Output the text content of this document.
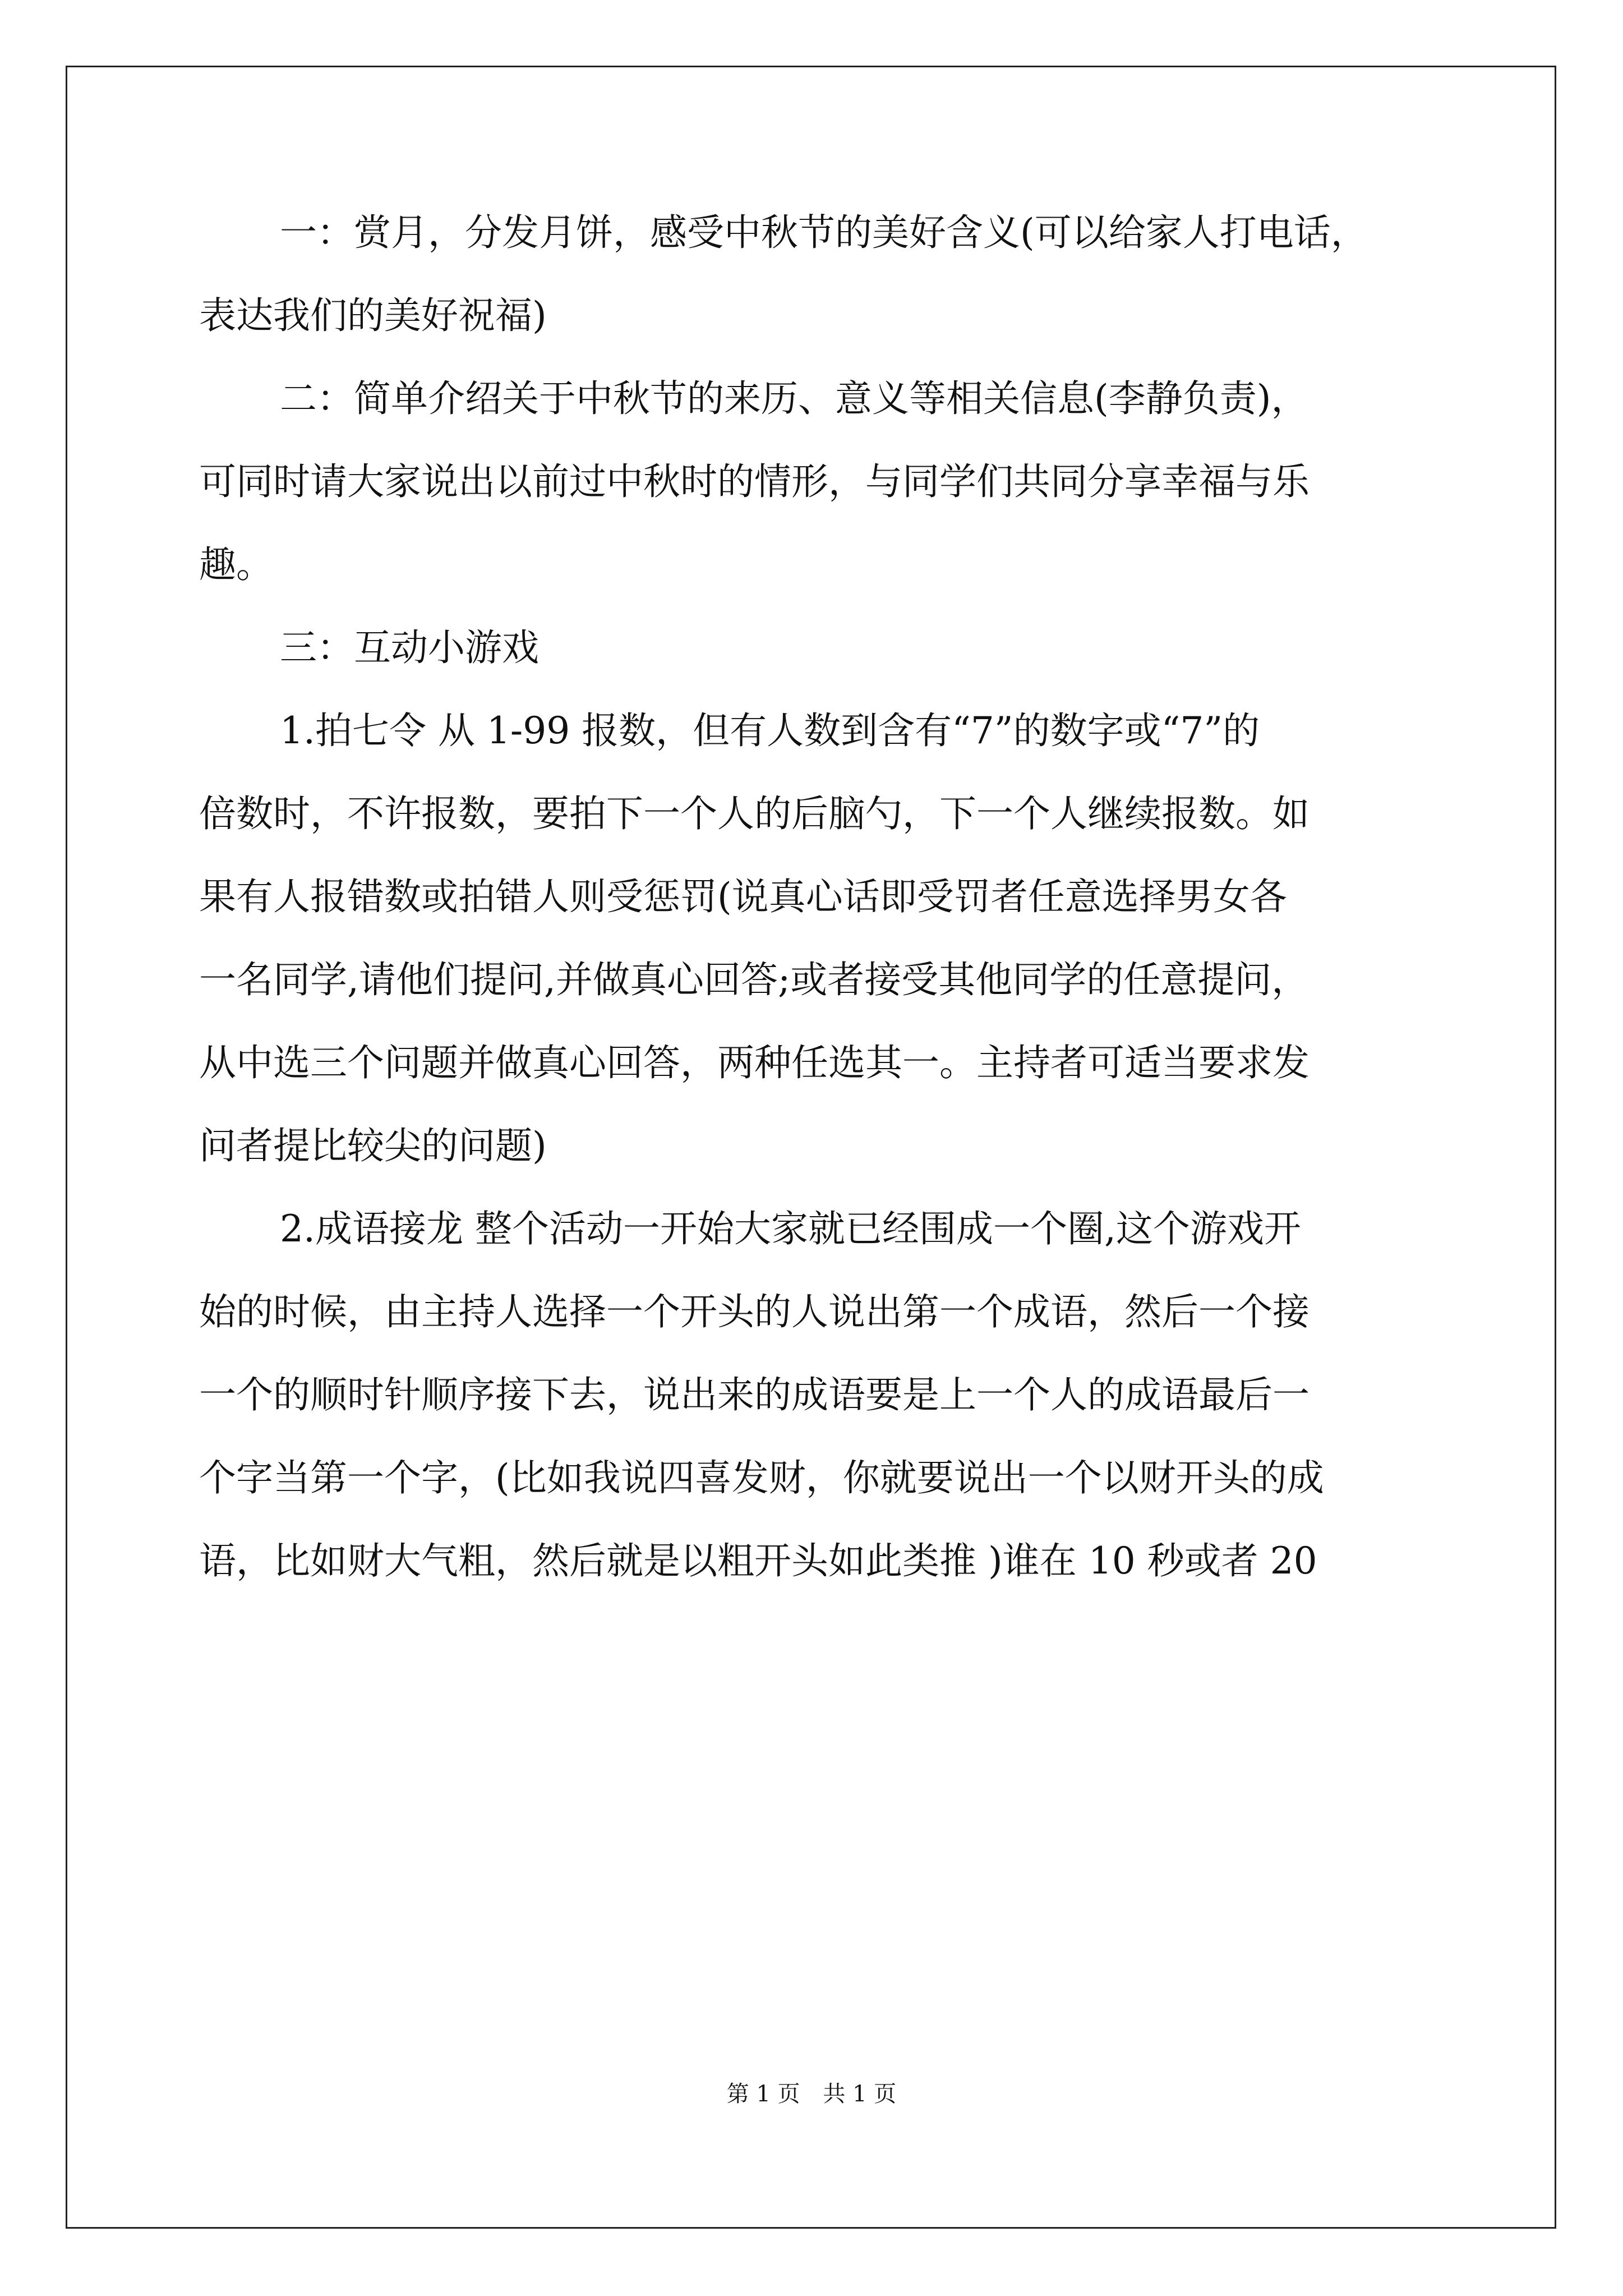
一：赏月，分发月饼，感受中秋节的美好含义(可以给家人打电话，
表达我们的美好祝福)
二：简单介绍关于中秋节的来历、意义等相关信息(李静负责)，
可同时请大家说出以前过中秋时的情形，与同学们共同分享幸福与乐
趣。
三：互动小游戏
1.拍七令 从 1-99 报数，但有人数到含有“7”的数字或“7”的
倍数时，不许报数，要拍下一个人的后脑勺，下一个人继续报数。如
果有人报错数或拍错人则受惩罚(说真心话即受罚者任意选择男女各
一名同学,请他们提问,并做真心回答;或者接受其他同学的任意提问，
从中选三个问题并做真心回答，两种任选其一。主持者可适当要求发
问者提比较尖的问题)
2.成语接龙 整个活动一开始大家就已经围成一个圈,这个游戏开
始的时候，由主持人选择一个开头的人说出第一个成语，然后一个接
一个的顺时针顺序接下去，说出来的成语要是上一个人的成语最后一
个字当第一个字，(比如我说四喜发财，你就要说出一个以财开头的成
语，比如财大气粗，然后就是以粗开头如此类推 )谁在 10 秒或者 20
第 1 页 共 1 页
